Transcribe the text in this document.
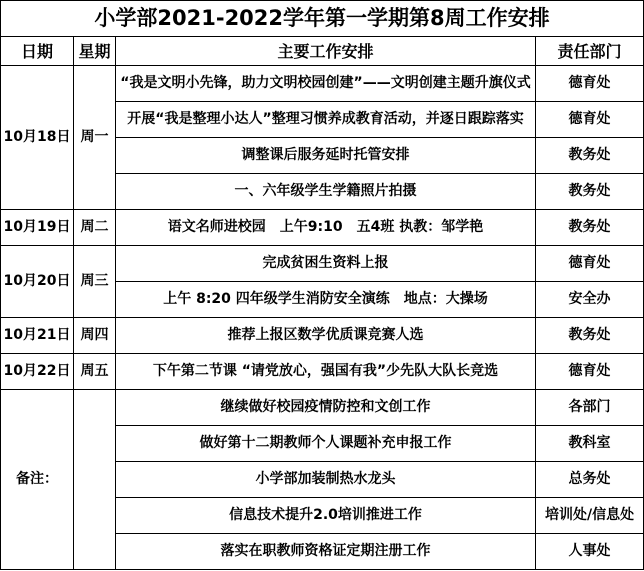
小学部2021-2022学年第一学期第8周工作安排			
日期	星期	主要工作安排	责任部门
10月18日	周一	“我是文明小先锋，助力文明校园创建”——文明创建主题升旗仪式	德育处
		开展“我是整理小达人”整理习惯养成教育活动，并逐日跟踪落实	德育处
		调整课后服务延时托管安排	教务处
		一、六年级学生学籍照片拍摄	教务处
10月19日	周二	语文名师进校园　上午9:10　五4班 执教：邹学艳	教务处
10月20日	周三	完成贫困生资料上报	德育处
		上午 8:20 四年级学生消防安全演练　地点：大操场	安全办
10月21日	周四	推荐上报区数学优质课竞赛人选	教务处
10月22日	周五	下午第二节课 “请党放心，强国有我”少先队大队长竞选	德育处
备注：		继续做好校园疫情防控和文创工作	各部门
		做好第十二期教师个人课题补充申报工作	教科室
		小学部加装制热水龙头	总务处
		信息技术提升2.0培训推进工作	培训处/信息处
		落实在职教师资格证定期注册工作	人事处
